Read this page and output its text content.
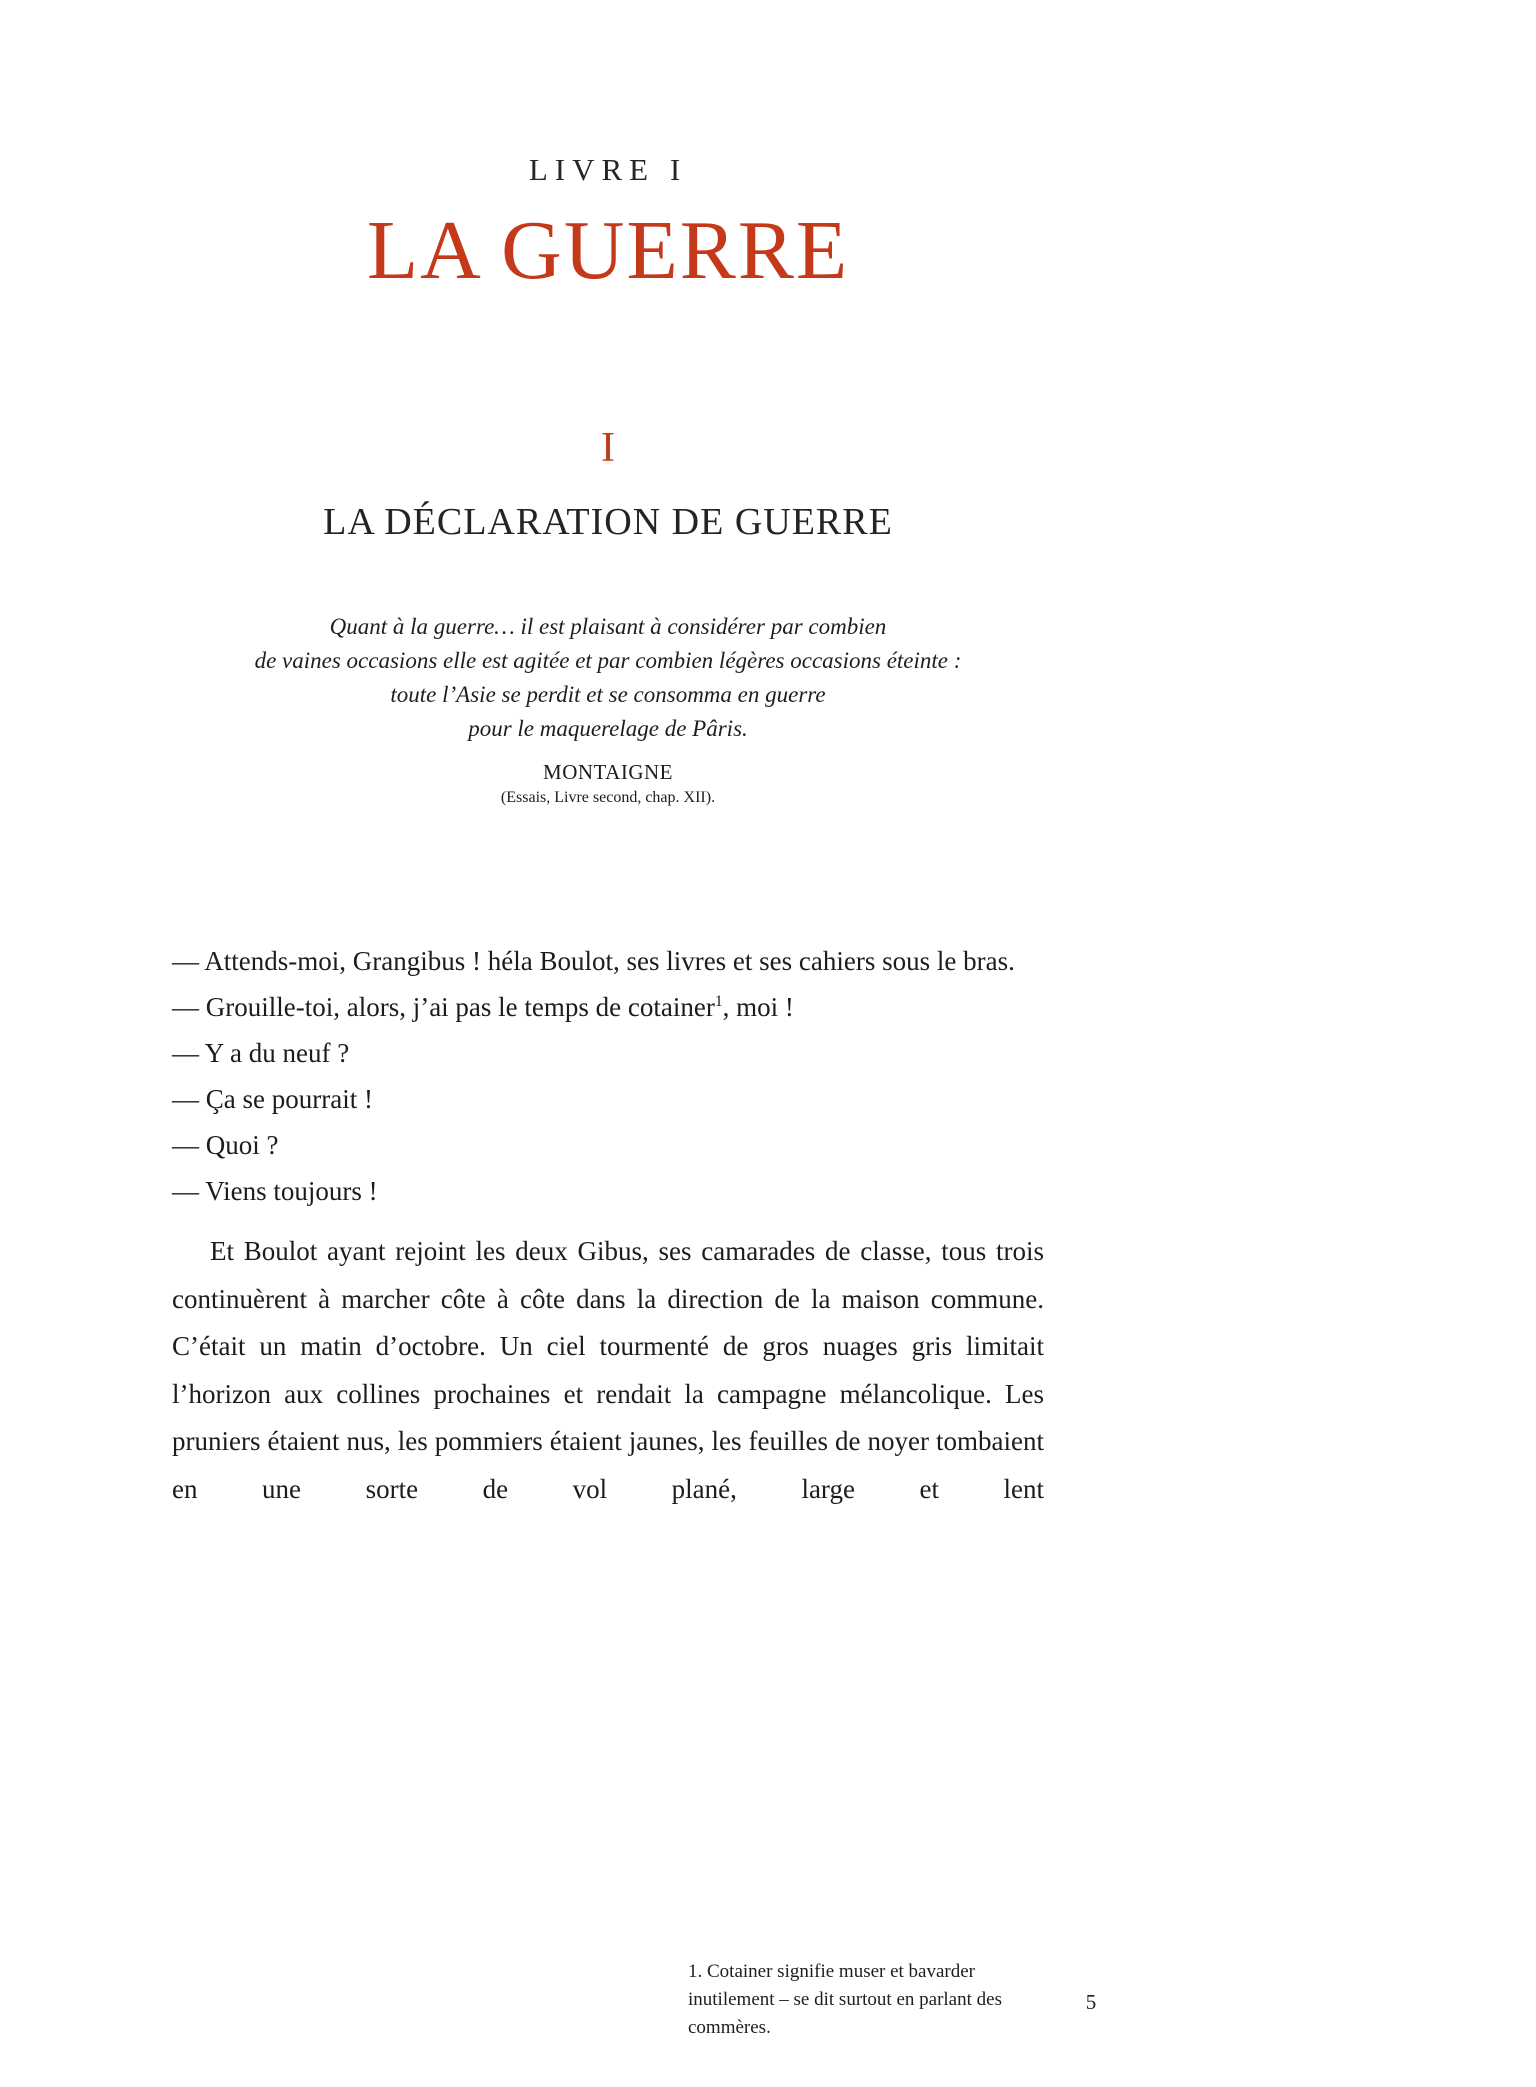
LIVRE I
LA GUERRE
I
LA DÉCLARATION DE GUERRE
Quant à la guerre… il est plaisant à considérer par combien
de vaines occasions elle est agitée et par combien légères occasions éteinte :
toute l’Asie se perdit et se consomma en guerre
pour le maquerelage de Pâris.
MONTAIGNE
(Essais, Livre second, chap. XII).
— Attends-moi, Grangibus ! héla Boulot, ses livres et ses cahiers sous le bras.
— Grouille-toi, alors, j’ai pas le temps de cotainer$^1$, moi !
— Y a du neuf ?
— Ça se pourrait !
— Quoi ?
— Viens toujours !
Et Boulot ayant rejoint les deux Gibus, ses camarades de classe, tous trois continuèrent à marcher côte à côte dans la direction de la maison commune. C’était un matin d’octobre. Un ciel tourmenté de gros nuages gris limitait l’horizon aux collines prochaines et rendait la campagne mélancolique. Les pruniers étaient nus, les pommiers étaient jaunes, les feuilles de noyer tombaient en une sorte de vol plané, large et lent
1. Cotainer signifie muser et bavarder inutilement – se dit surtout en parlant des commères.
5
